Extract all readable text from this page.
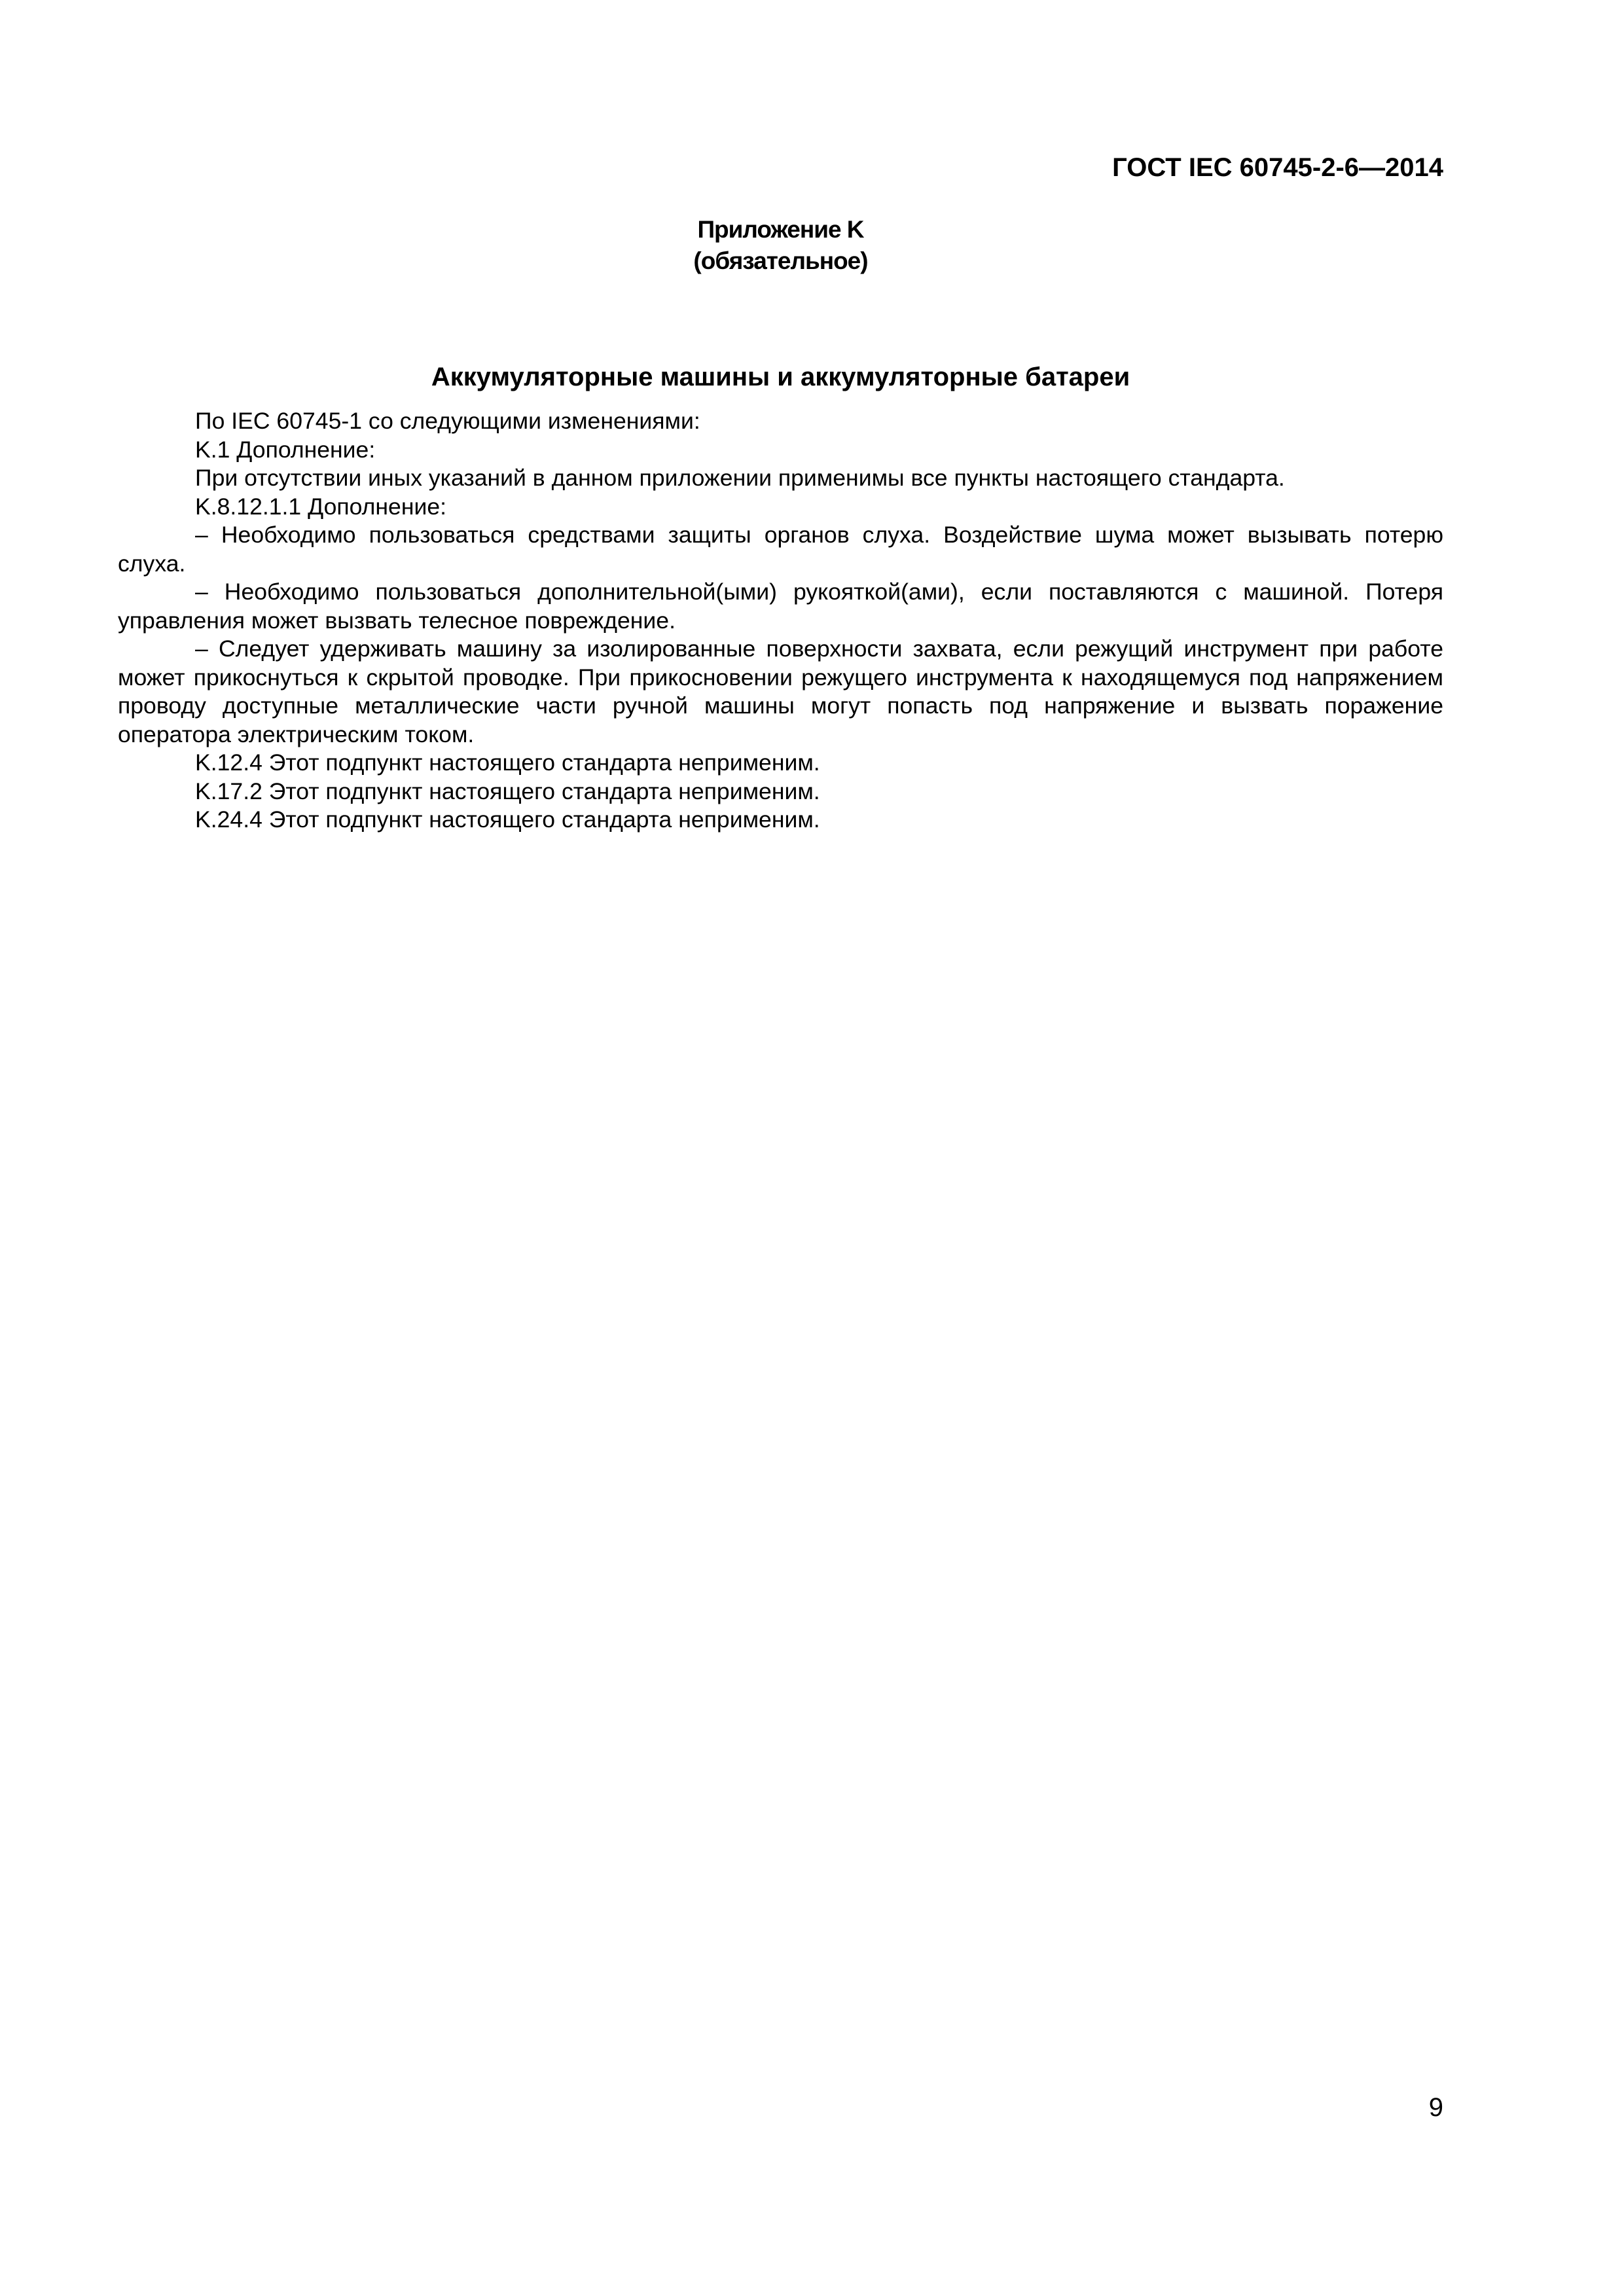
ГОСТ IEC 60745-2-6—2014
Приложение K
(обязательное)
Аккумуляторные машины и аккумуляторные батареи

По IEC 60745-1 со следующими изменениями:

K.1 Дополнение:

При отсутствии иных указаний в данном приложении применимы все пункты настоящего стандарта.

K.8.12.1.1 Дополнение:

– Необходимо пользоваться средствами защиты органов слуха. Воздействие шума может вызывать потерю слуха.

– Необходимо пользоваться дополнительной(ыми) рукояткой(ами), если поставляются с машиной. Потеря управления может вызвать телесное повреждение.

– Следует удерживать машину за изолированные поверхности захвата, если режущий инструмент при работе может прикоснуться к скрытой проводке. При прикосновении режущего инструмента к находящемуся под напряжением проводу доступные металлические части ручной машины могут попасть под напряжение и вызвать поражение оператора электрическим током.

K.12.4 Этот подпункт настоящего стандарта неприменим.

K.17.2 Этот подпункт настоящего стандарта неприменим.

K.24.4 Этот подпункт настоящего стандарта неприменим.

9
